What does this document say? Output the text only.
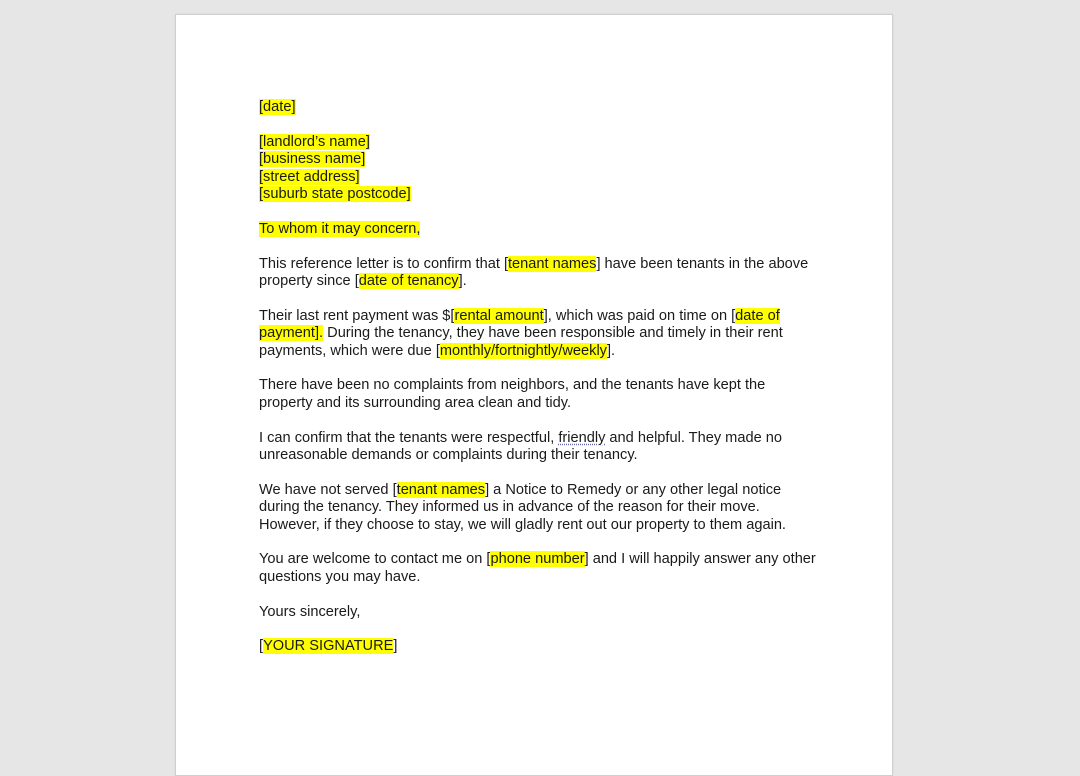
[date]

[landlord’s name]
[business name]
[street address]
[suburb state postcode]

To whom it may concern,

This reference letter is to confirm that [tenant names] have been tenants in the above property since [date of tenancy].

Their last rent payment was $[rental amount], which was paid on time on [date of payment]. During the tenancy, they have been responsible and timely in their rent payments, which were due [monthly/fortnightly/weekly].

There have been no complaints from neighbors, and the tenants have kept the property and its surrounding area clean and tidy.

I can confirm that the tenants were respectful, friendly and helpful. They made no unreasonable demands or complaints during their tenancy.

We have not served [tenant names] a Notice to Remedy or any other legal notice during the tenancy. They informed us in advance of the reason for their move. However, if they choose to stay, we will gladly rent out our property to them again.

You are welcome to contact me on [phone number] and I will happily answer any other questions you may have.

Yours sincerely,

[YOUR SIGNATURE]
